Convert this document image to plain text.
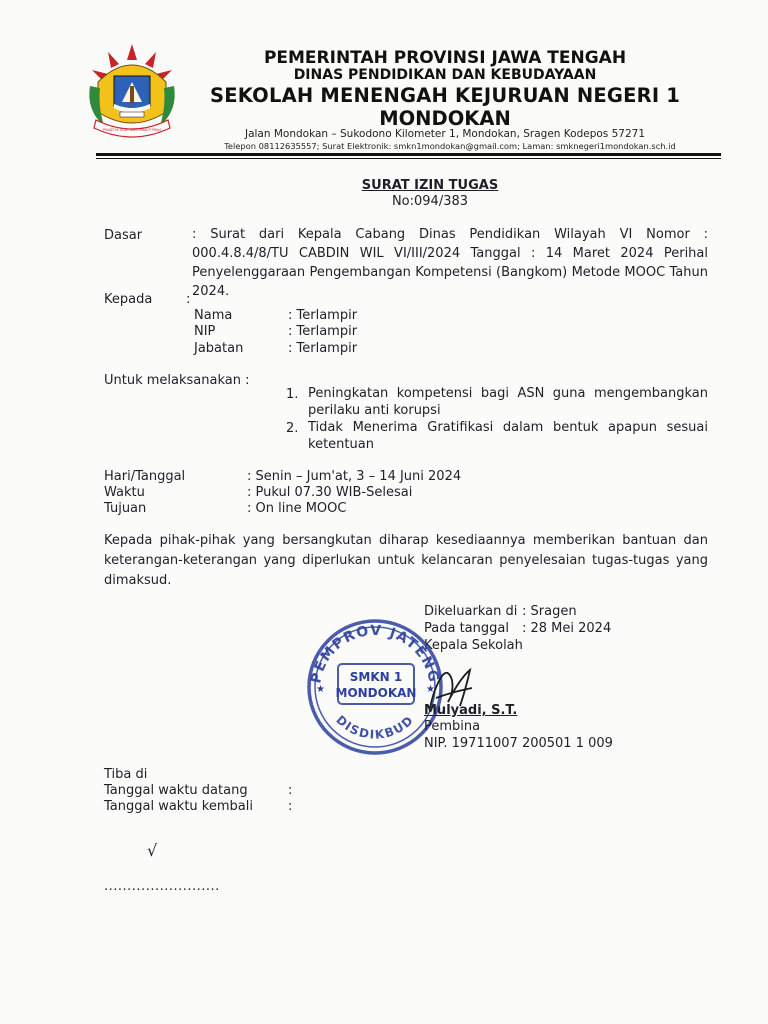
PRASETYA ULAH SAKTI BHAKTI PRAJA
PEMERINTAH PROVINSI JAWA TENGAH
DINAS PENDIDIKAN DAN KEBUDAYAAN
SEKOLAH MENENGAH KEJURUAN NEGERI 1
MONDOKAN
Jalan Mondokan – Sukodono Kilometer 1, Mondokan, Sragen Kodepos 57271
Telepon 08112635557; Surat Elektronik: smkn1mondokan@gmail.com; Laman: smknegeri1mondokan.sch.id
SURAT IZIN TUGAS
No:094/383
Dasar	: Surat dari Kepala Cabang Dinas Pendidikan Wilayah VI Nomor : 000.4.8.4/8/TU CABDIN WIL VI/III/2024 Tanggal : 14 Maret 2024 Perihal Penyelenggaraan Pengembangan Kompetensi (Bangkom) Metode MOOC Tahun 2024.
Kepada	:
Nama	: Terlampir
NIP	: Terlampir
Jabatan	: Terlampir
Untuk melaksanakan :
1. Peningkatan kompetensi bagi ASN guna mengembangkan perilaku anti korupsi
2. Tidak Menerima Gratifikasi dalam bentuk apapun sesuai ketentuan
Hari/Tanggal	: Senin – Jum'at, 3 – 14 Juni 2024
Waktu	: Pukul 07.30 WIB-Selesai
Tujuan	: On line MOOC
Kepada pihak-pihak yang bersangkutan diharap kesediaannya memberikan bantuan dan keterangan-keterangan yang diperlukan untuk kelancaran penyelesaian tugas-tugas yang dimaksud.
Dikeluarkan di : Sragen
Pada tanggal : 28 Mei 2024
Kepala Sekolah
PEMPROV JATENG
DISDIKBUD
SMKN 1
MONDOKAN
★	★
Mulyadi, S.T.
Pembina
NIP. 19711007 200501 1 009
Tiba di
Tanggal waktu datang	:
Tanggal waktu kembali	:
√
.........................
